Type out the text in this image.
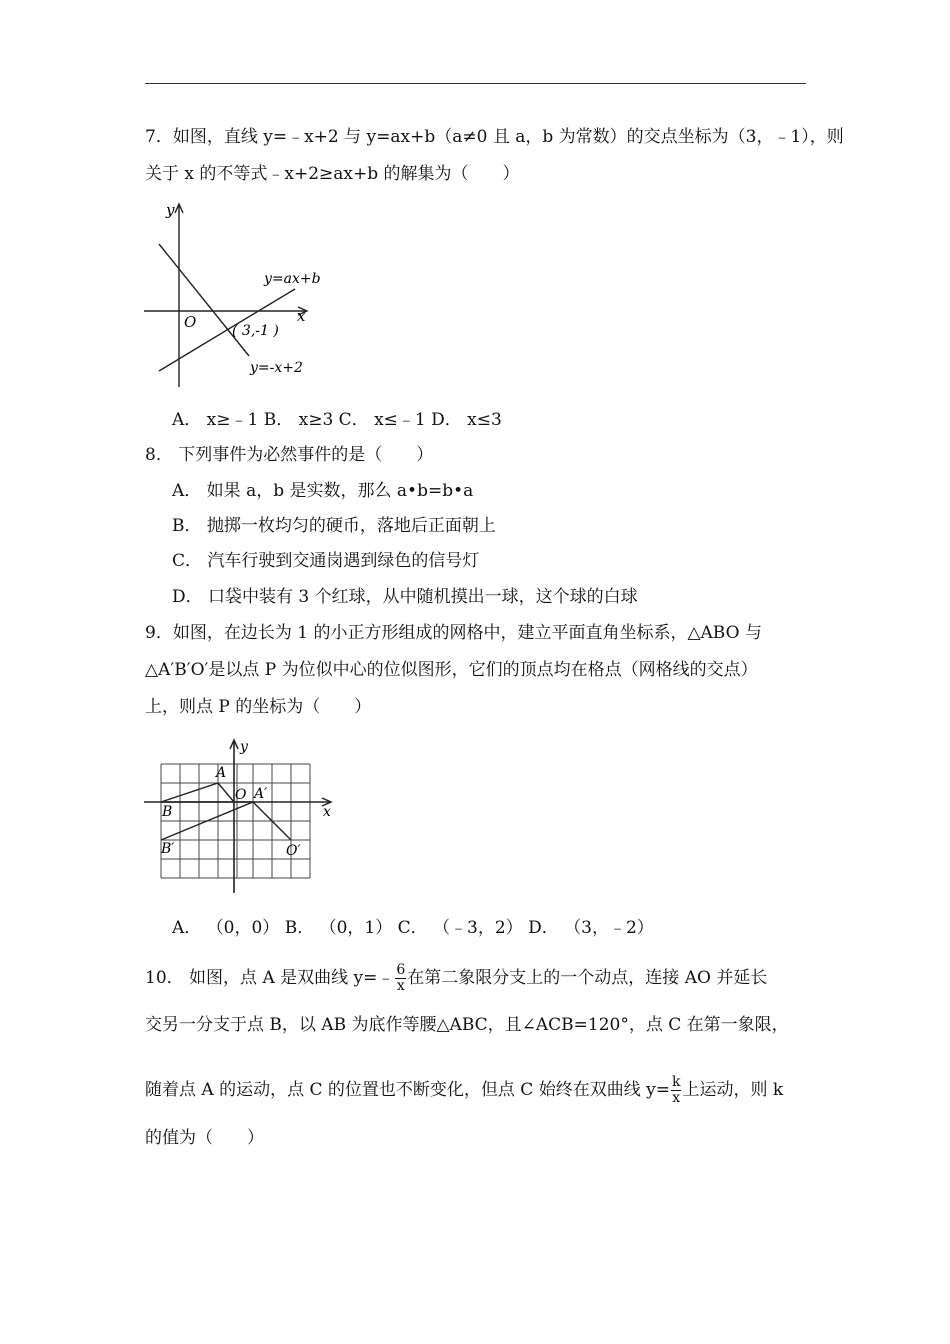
7．如图，直线 y=﹣x+2 与 y=ax+b（a≠0 且 a，b 为常数）的交点坐标为（3，﹣1），则
关于 x 的不等式﹣x+2≥ax+b 的解集为（　　）
y
x
O
y=ax+b
( 3,-1 )
y=-x+2
A． x≥﹣1 B． x≥3 C． x≤﹣1 D． x≤3
8． 下列事件为必然事件的是（　　）
A． 如果 a，b 是实数，那么 a•b=b•a
B． 抛掷一枚均匀的硬币，落地后正面朝上
C． 汽车行驶到交通岗遇到绿色的信号灯
D． 口袋中装有 3 个红球，从中随机摸出一球，这个球的白球
9．如图，在边长为 1 的小正方形组成的网格中，建立平面直角坐标系，△ABO 与
△A′B′O′是以点 P 为位似中心的位似图形，它们的顶点均在格点（网格线的交点）
上，则点 P 的坐标为（　　）
x
y
A
O A′
B
B′	O′
A． （0，0） B． （0，1） C． （﹣3，2） D． （3，﹣2）
10． 如图，点 A 是双曲线 y=﹣ $\frac{6}{x}$ 在第二象限分支上的一个动点，连接 AO 并延长
交另一分支于点 B，以 AB 为底作等腰△ABC，且∠ACB=120°，点 C 在第一象限，
随着点 A 的运动，点 C 的位置也不断变化，但点 C 始终在双曲线 $y= \frac{k}{x}$ 上运动，则 k
的值为（　　）
